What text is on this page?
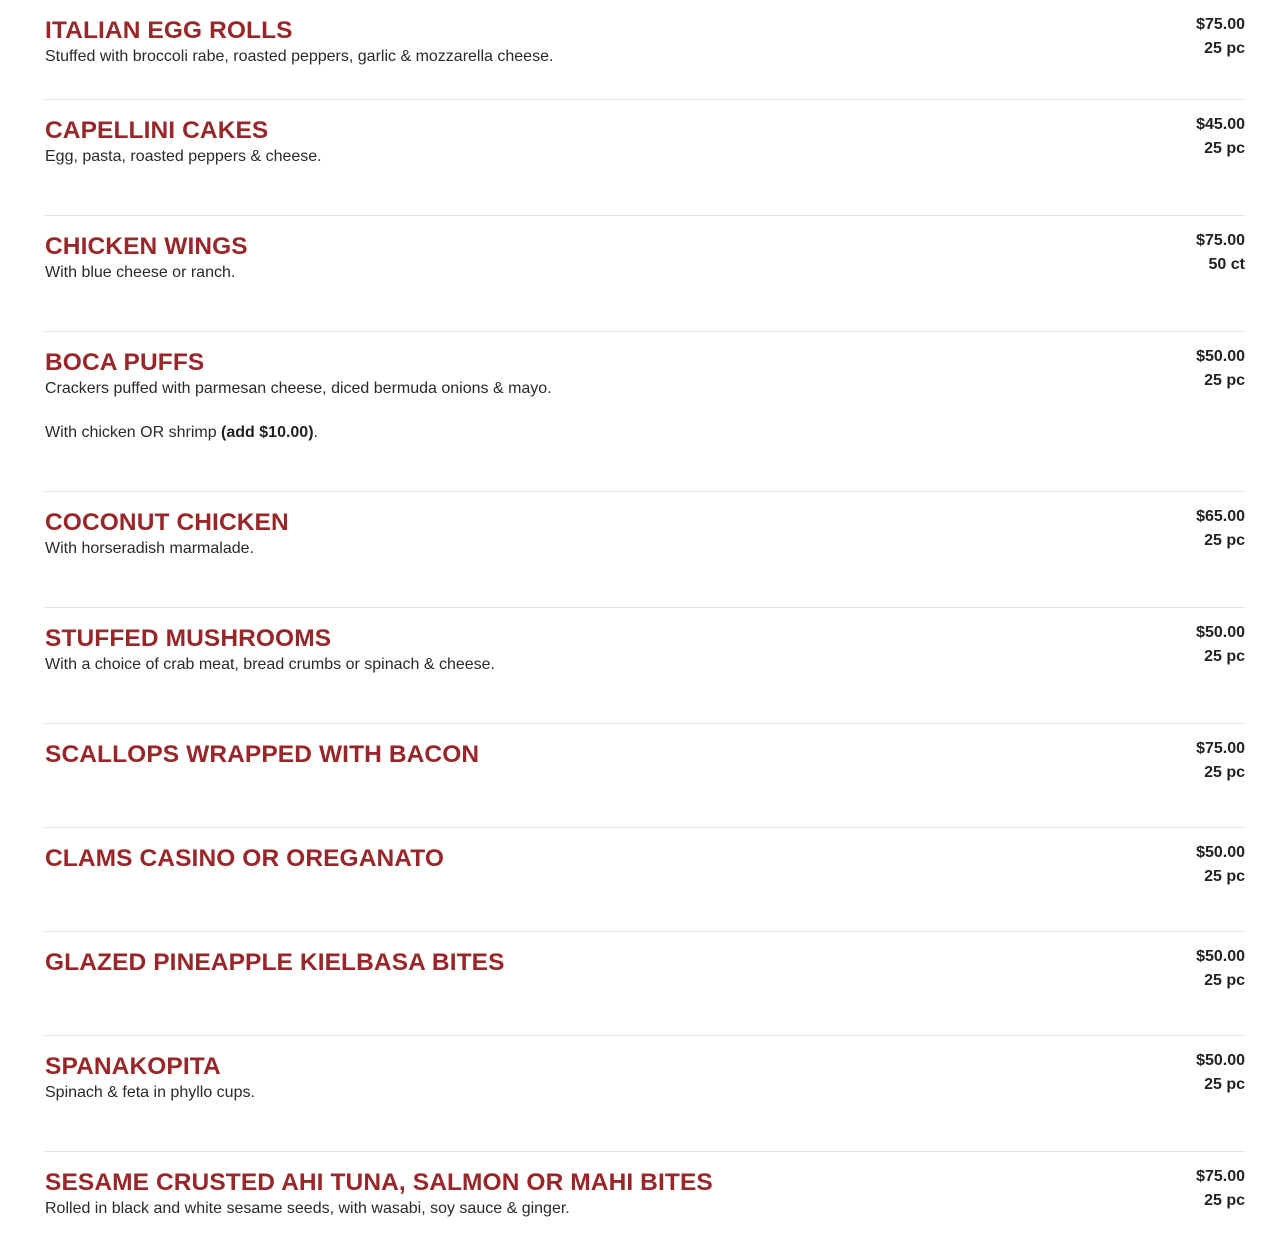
$75.00
25 pc
ITALIAN EGG ROLLS

Stuffed with broccoli rabe, roasted peppers, garlic & mozzarella cheese.

$45.00
25 pc
CAPELLINI CAKES

Egg, pasta, roasted peppers & cheese.

$75.00
50 ct
CHICKEN WINGS

With blue cheese or ranch.

$50.00
25 pc
BOCA PUFFS

Crackers puffed with parmesan cheese, diced bermuda onions & mayo.

With chicken OR shrimp (add $10.00).

$65.00
25 pc
COCONUT CHICKEN

With horseradish marmalade.

$50.00
25 pc
STUFFED MUSHROOMS

With a choice of crab meat, bread crumbs or spinach & cheese.

$75.00
25 pc
SCALLOPS WRAPPED WITH BACON
$50.00
25 pc
CLAMS CASINO OR OREGANATO
$50.00
25 pc
GLAZED PINEAPPLE KIELBASA BITES
$50.00
25 pc
SPANAKOPITA

Spinach & feta in phyllo cups.

$75.00
25 pc
SESAME CRUSTED AHI TUNA, SALMON OR MAHI BITES

Rolled in black and white sesame seeds, with wasabi, soy sauce & ginger.
